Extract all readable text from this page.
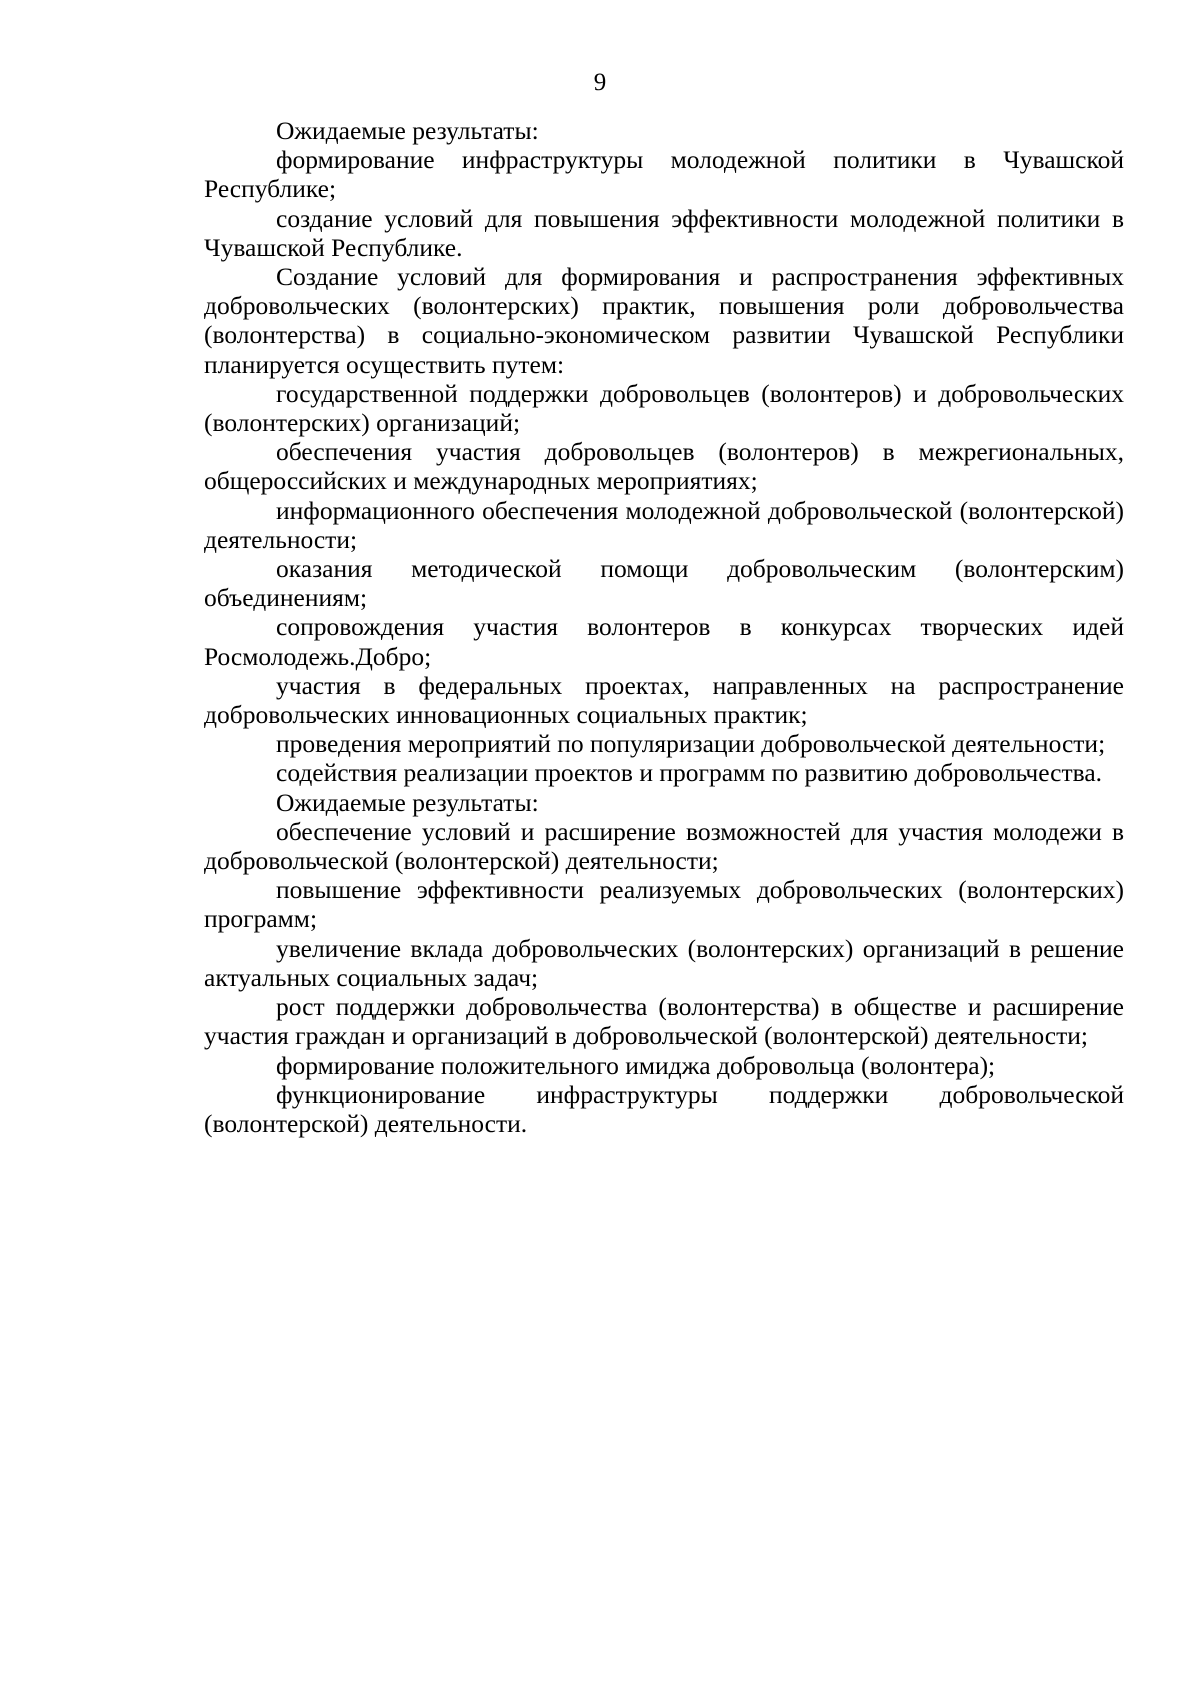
9

Ожидаемые результаты:

формирование инфраструктуры молодежной политики в Чувашской Республике;

создание условий для повышения эффективности молодежной политики в Чувашской Республике.

Создание условий для формирования и распространения эффективных добровольческих (волонтерских) практик, повышения роли добровольчества (волонтерства) в социально-экономическом развитии Чувашской Республики планируется осуществить путем:

государственной поддержки добровольцев (волонтеров) и добровольческих (волонтерских) организаций;

обеспечения участия добровольцев (волонтеров) в межрегиональных, общероссийских и международных мероприятиях;

информационного обеспечения молодежной добровольческой (волонтерской) деятельности;

оказания методической помощи добровольческим (волонтерским) объединениям;

сопровождения участия волонтеров в конкурсах творческих идей Росмолодежь.Добро;

участия в федеральных проектах, направленных на распространение добровольческих инновационных социальных практик;

проведения мероприятий по популяризации добровольческой деятельности;

содействия реализации проектов и программ по развитию добровольчества.

Ожидаемые результаты:

обеспечение условий и расширение возможностей для участия молодежи в добровольческой (волонтерской) деятельности;

повышение эффективности реализуемых добровольческих (волонтерских) программ;

увеличение вклада добровольческих (волонтерских) организаций в решение актуальных социальных задач;

рост поддержки добровольчества (волонтерства) в обществе и расширение участия граждан и организаций в добровольческой (волонтерской) деятельности;

формирование положительного имиджа добровольца (волонтера);

функционирование инфраструктуры поддержки добровольческой (волонтерской) деятельности.
